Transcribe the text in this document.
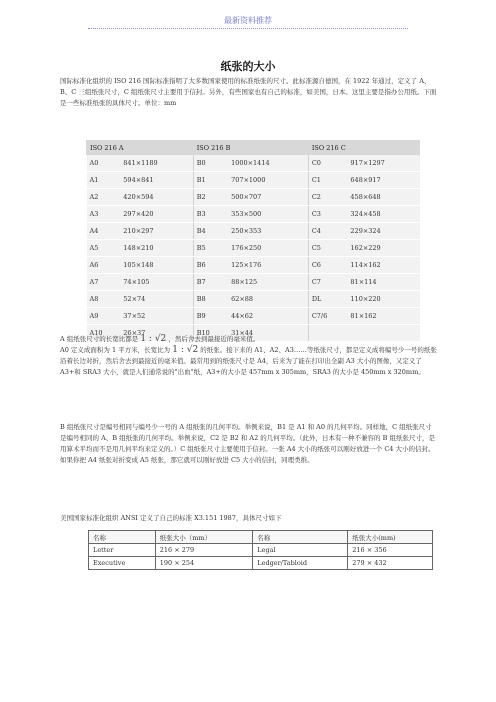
最新资料推荐
纸张的大小
国际标准化组织的 ISO 216 国际标准指明了大多数国家使用的标准纸张的尺寸。此标准源自德国，在 1922 年通过，定义了 A、B、C 三组纸张尺寸，C 组纸张尺寸主要用于信封。另外，有些国家也有自己的标准，如美国，日本。这里主要是指办公用纸。下面是一些标准纸张的具体尺寸。单位：mm
ISO 216 A		ISO 216 B		ISO 216 C	
A0	841×1189	B0	1000×1414	C0	917×1297
A1	594×841	B1	707×1000	C1	648×917
A2	420×594	B2	500×707	C2	458×648
A3	297×420	B3	353×500	C3	324×458
A4	210×297	B4	250×353	C4	229×324
A5	148×210	B5	176×250	C5	162×229
A6	105×148	B6	125×176	C6	114×162
A7	74×105	B7	88×125	C7	81×114
A8	52×74	B8	62×88	DL	110×220
A9	37×52	B9	44×62	C7/6	81×162
A10	26×37	B10	31×44		
A 组纸张尺寸的长宽比都是 1 : √2 ，然后舍去到最接近的毫米值。
A0 定义成面积为 1 平方米，长宽比为 1 : √2 的纸张。接下来的 A1、A2、A3……等纸张尺寸，都是定义成将编号少一号的纸张沿着长边对折，然后舍去到最接近的毫米值。最常用到的纸张尺寸是 A4，后来为了能在打印出全副 A3 大小的图像，又定义了 A3+和 SRA3 大小，就是人们通常说的"出血"纸，A3+的大小是 457mm x 305mm，SRA3 的大小是 450mm x 320mm。
B 组纸张尺寸是编号相同与编号少一号的 A 组纸张的几何平均。举例来说，B1 是 A1 和 A0 的几何平均。同样地，C 组纸张尺寸是编号相同的 A、B 组纸张的几何平均。举例来说，C2 是 B2 和 A2 的几何平均。（此外，日本有一种不兼容的 B 组纸张尺寸，是用算术平均而不是用几何平均来定义的。）C 组纸张尺寸主要使用于信封。一张 A4 大小的纸张可以刚好放进一个 C4 大小的信封。如果你把 A4 纸张对折变成 A5 纸张，那它就可以刚好放进 C5 大小的信封，同理类推。
美国国家标准化组织 ANSI 定义了自己的标准 X3.151 1987，具体尺寸如下
名称	纸张大小（mm）	名称	纸张大小(mm)
Letter	216 × 279	Legal	216 × 356
Executive	190 × 254	Ledger/Tabloid	279 × 432
